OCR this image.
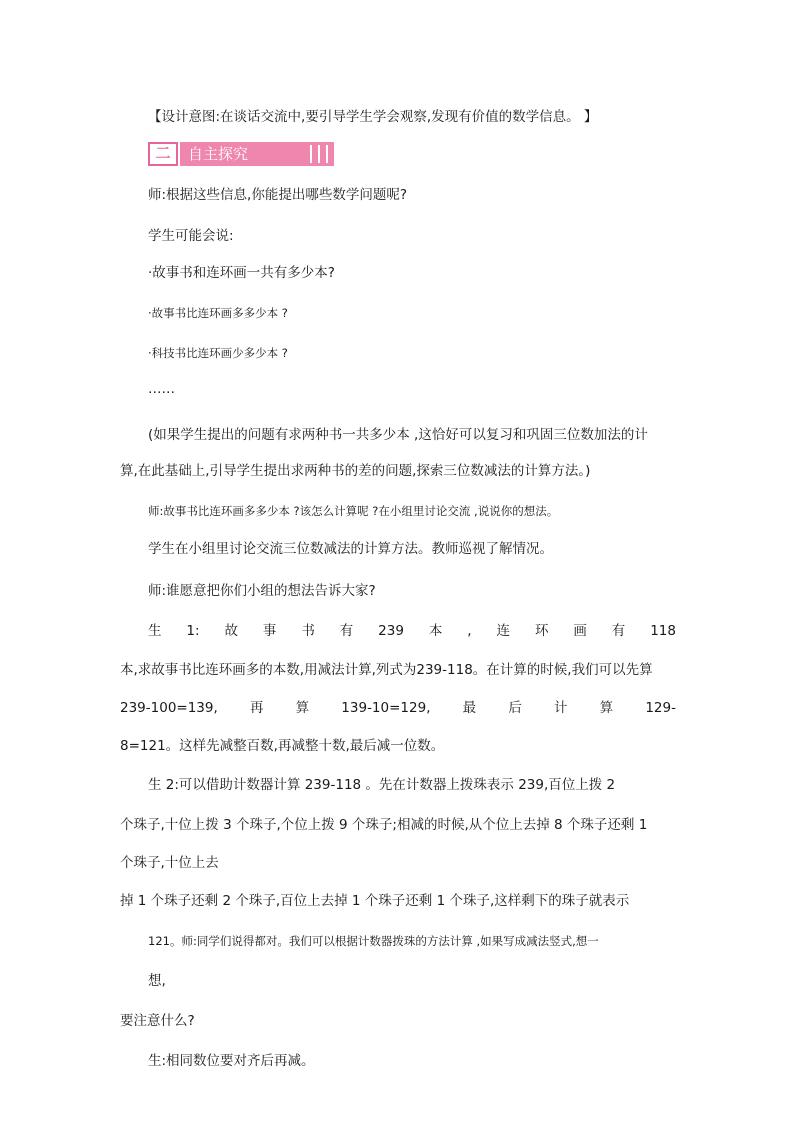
【设计意图:在谈话交流中,要引导学生学会观察,发现有价值的数学信息。 】
二	自主探究
师:根据这些信息,你能提出哪些数学问题呢?
学生可能会说:
·故事书和连环画一共有多少本?
·故事书比连环画多多少本 ?
·科技书比连环画少多少本 ?
……
(如果学生提出的问题有求两种书一共多少本 ,这恰好可以复习和巩固三位数加法的计
算,在此基础上,引导学生提出求两种书的差的问题,探索三位数减法的计算方法。)
师:故事书比连环画多多少本 ?该怎么计算呢 ?在小组里讨论交流 ,说说你的想法。
学生在小组里讨论交流三位数减法的计算方法。教师巡视了解情况。
师:谁愿意把你们小组的想法告诉大家?
生 1: 故 事 书 有 239 本 , 连 环 画 有 118
本,求故事书比连环画多的本数,用减法计算,列式为239-118。在计算的时候,我们可以先算
239-100=139, 再 算 139-10=129, 最 后 计 算 129-
8=121。这样先减整百数,再减整十数,最后减一位数。
生 2:可以借助计数器计算 239-118 。先在计数器上拨珠表示 239,百位上拨 2
个珠子,十位上拨 3 个珠子,个位上拨 9 个珠子;相减的时候,从个位上去掉 8 个珠子还剩 1
个珠子,十位上去
掉 1 个珠子还剩 2 个珠子,百位上去掉 1 个珠子还剩 1 个珠子,这样剩下的珠子就表示
121。师:同学们说得都对。我们可以根据计数器拨珠的方法计算 ,如果写成减法竖式,想一
想,
要注意什么?
生:相同数位要对齐后再减。
